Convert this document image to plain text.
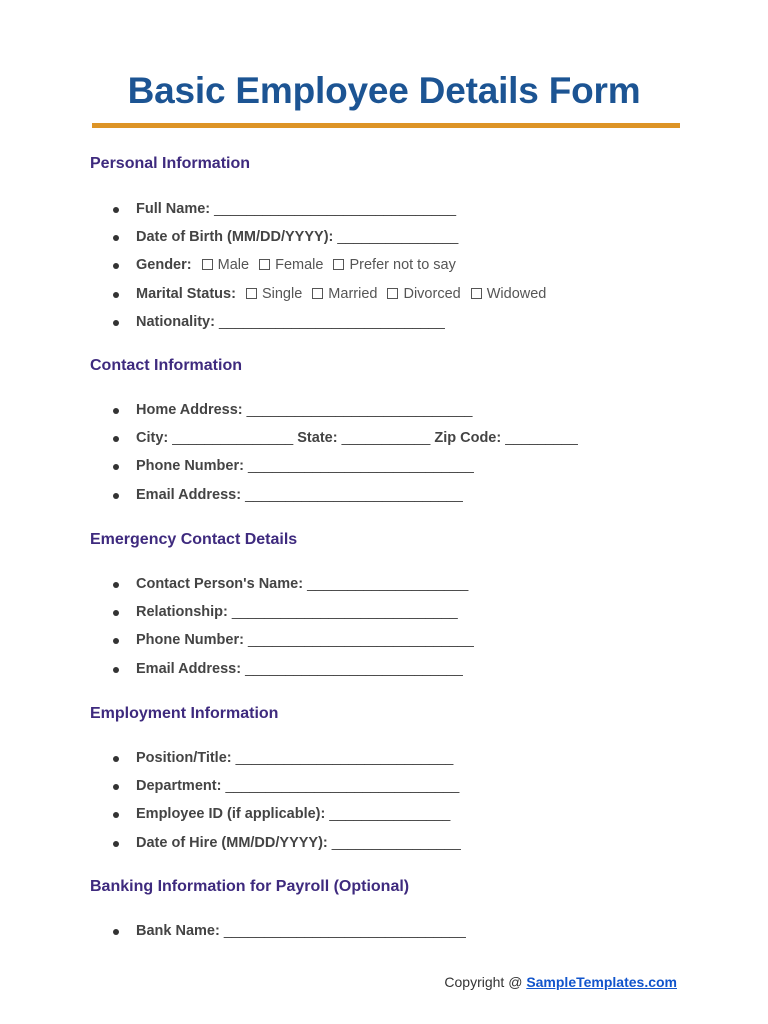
Basic Employee Details Form
Personal Information
Full Name: ______________________________
Date of Birth (MM/DD/YYYY): _______________
Gender: Male Female Prefer not to say
Marital Status: Single Married Divorced Widowed
Nationality: ____________________________
Contact Information
Home Address: ____________________________
City: _______________ State: ___________ Zip Code: _________
Phone Number: ____________________________
Email Address: ___________________________
Emergency Contact Details
Contact Person's Name: ____________________
Relationship: ____________________________
Phone Number: ____________________________
Email Address: ___________________________
Employment Information
Position/Title: ___________________________
Department: _____________________________
Employee ID (if applicable): _______________
Date of Hire (MM/DD/YYYY): ________________
Banking Information for Payroll (Optional)
Bank Name: ______________________________
Copyright @ SampleTemplates.com
